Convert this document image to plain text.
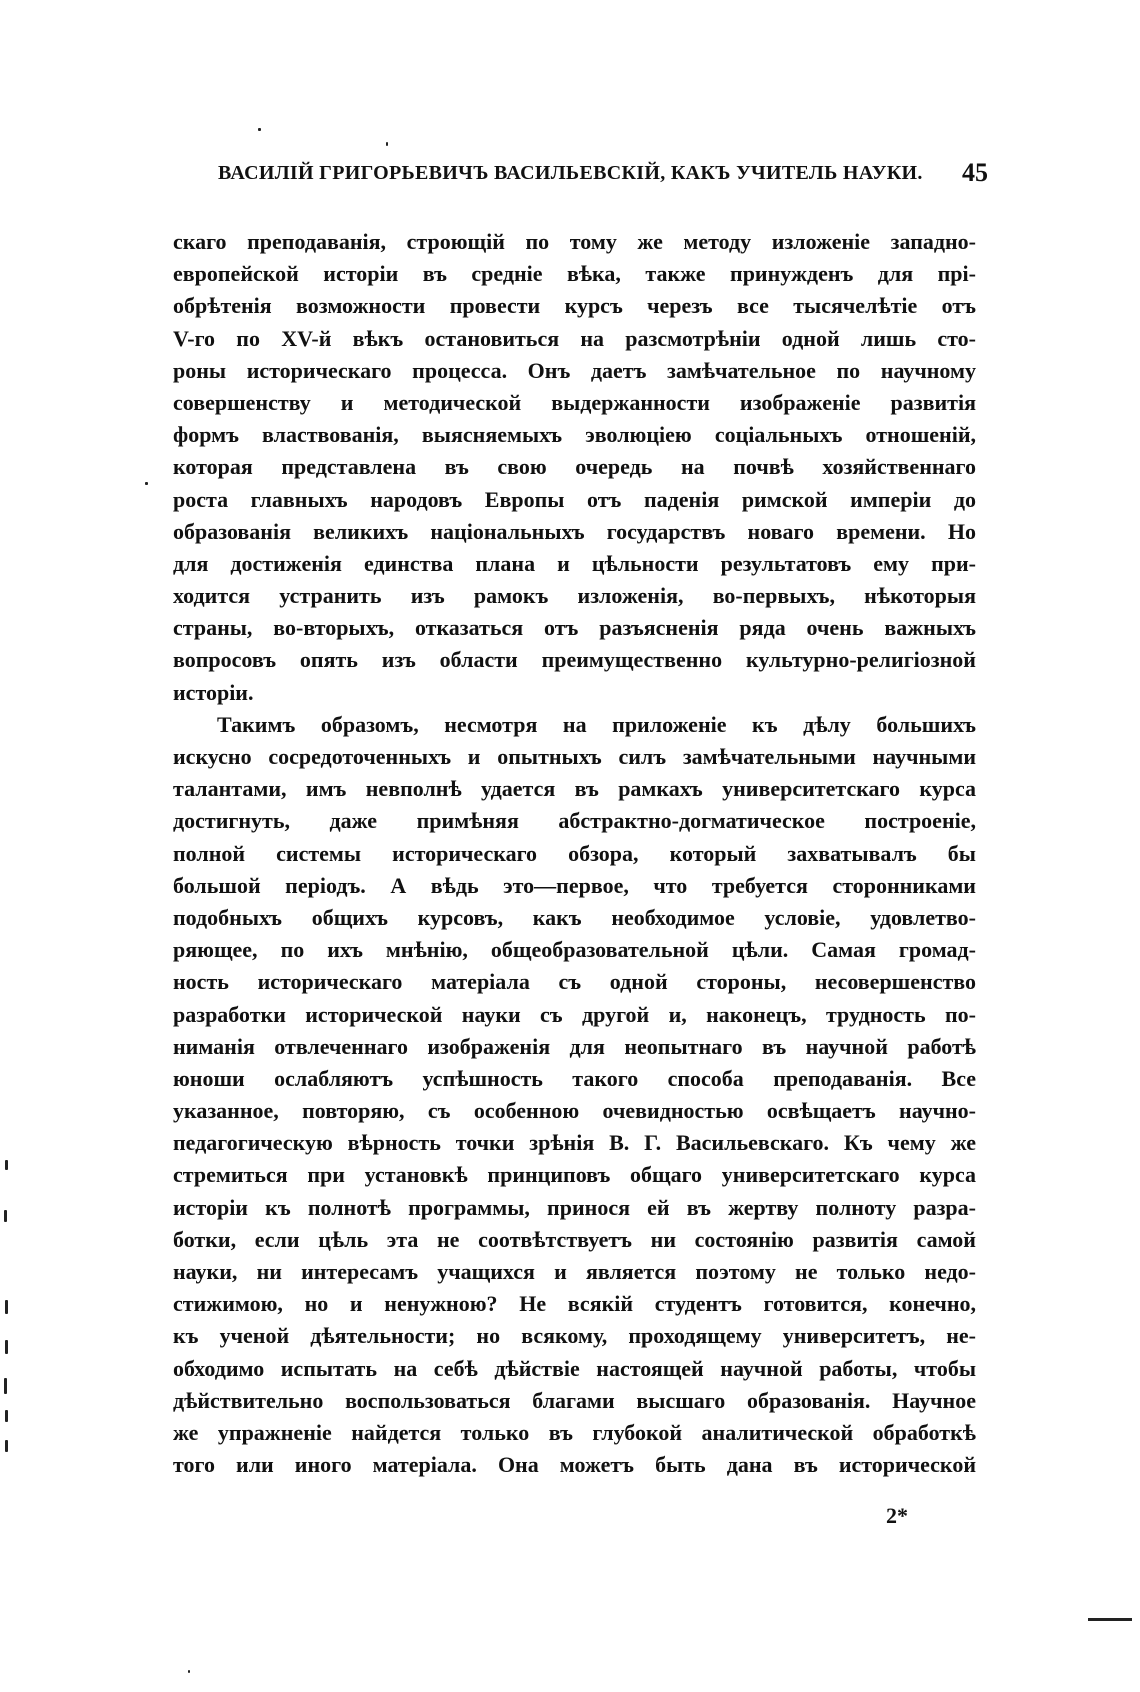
ВАСИЛІЙ ГРИГОРЬЕВИЧЪ ВАСИЛЬЕВСКІЙ, КАКЪ УЧИТЕЛЬ НАУКИ. 45
скаго преподаванія, строющій по тому же методу изложеніе западно-
европейской исторіи въ средніе вѣка, также принужденъ для прі-
обрѣтенія возможности провести курсъ черезъ все тысячелѣтіе отъ
V-го по XV-й вѣкъ остановиться на разсмотрѣніи одной лишь сто-
роны историческаго процесса. Онъ даетъ замѣчательное по научному
совершенству и методической выдержанности изображеніе развитія
формъ властвованія, выясняемыхъ эволюціею соціальныхъ отношеній,
которая представлена въ свою очередь на почвѣ хозяйственнаго
роста главныхъ народовъ Европы отъ паденія римской имперіи до
образованія великихъ національныхъ государствъ новаго времени. Но
для достиженія единства плана и цѣльности результатовъ ему при-
ходится устранить изъ рамокъ изложенія, во-первыхъ, нѣкоторыя
страны, во-вторыхъ, отказаться отъ разъясненія ряда очень важныхъ
вопросовъ опять изъ области преимущественно культурно-религіозной
исторіи.
Такимъ образомъ, несмотря на приложеніе къ дѣлу большихъ
искусно сосредоточенныхъ и опытныхъ силъ замѣчательными научными
талантами, имъ невполнѣ удается въ рамкахъ университетскаго курса
достигнуть, даже примѣняя абстрактно-догматическое построеніе,
полной системы историческаго обзора, который захватывалъ бы
большой періодъ. А вѣдь это—первое, что требуется сторонниками
подобныхъ общихъ курсовъ, какъ необходимое условіе, удовлетво-
ряющее, по ихъ мнѣнію, общеобразовательной цѣли. Самая громад-
ность историческаго матеріала съ одной стороны, несовершенство
разработки исторической науки съ другой и, наконецъ, трудность по-
ниманія отвлеченнаго изображенія для неопытнаго въ научной работѣ
юноши ослабляютъ успѣшность такого способа преподаванія. Все
указанное, повторяю, съ особенною очевидностью освѣщаетъ научно-
педагогическую вѣрность точки зрѣнія В. Г. Васильевскаго. Къ чему же
стремиться при установкѣ принциповъ общаго университетскаго курса
исторіи къ полнотѣ программы, принося ей въ жертву полноту разра-
ботки, если цѣль эта не соотвѣтствуетъ ни состоянію развитія самой
науки, ни интересамъ учащихся и является поэтому не только недо-
стижимою, но и ненужною? Не всякій студентъ готовится, конечно,
къ ученой дѣятельности; но всякому, проходящему университетъ, не-
обходимо испытать на себѣ дѣйствіе настоящей научной работы, чтобы
дѣйствительно воспользоваться благами высшаго образованія. Научное
же упражненіе найдется только въ глубокой аналитической обработкѣ
того или иного матеріала. Она можетъ быть дана въ исторической
2*
